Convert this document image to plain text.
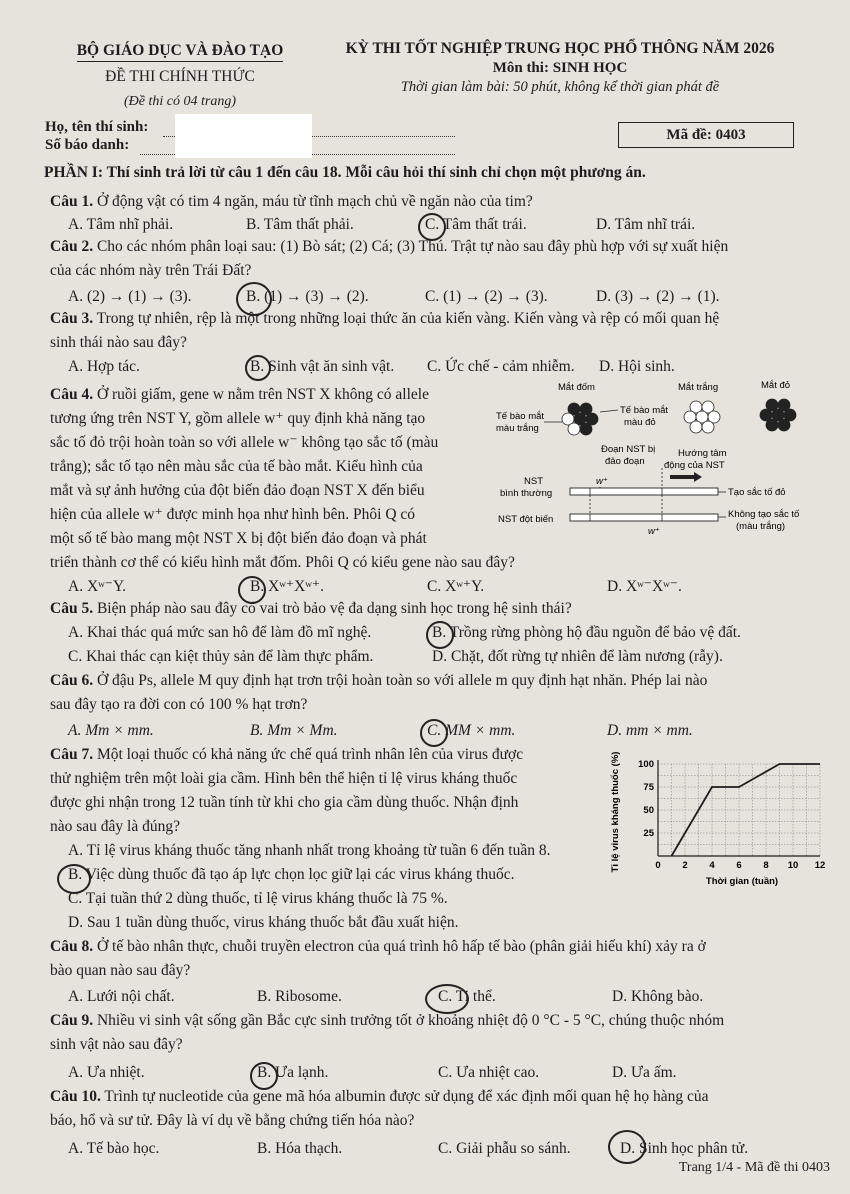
BỘ GIÁO DỤC VÀ ĐÀO TẠO
ĐỀ THI CHÍNH THỨC
(Đề thi có 04 trang)
KỲ THI TỐT NGHIỆP TRUNG HỌC PHỔ THÔNG NĂM 2026
Môn thi: SINH HỌC
Thời gian làm bài: 50 phút, không kể thời gian phát đề
Họ, tên thí sinh:
Số báo danh:
Mã đề: 0403
PHẦN I: Thí sinh trả lời từ câu 1 đến câu 18. Mỗi câu hỏi thí sinh chỉ chọn một phương án.
Câu 1. Ở động vật có tim 4 ngăn, máu từ tĩnh mạch chủ về ngăn nào của tim?
A. Tâm nhĩ phải.	B. Tâm thất phải.	C. Tâm thất trái.	D. Tâm nhĩ trái.
Câu 2. Cho các nhóm phân loại sau: (1) Bò sát; (2) Cá; (3) Thú. Trật tự nào sau đây phù hợp với sự xuất hiện
của các nhóm này trên Trái Đất?
A. (2) → (1) → (3).	B. (1) → (3) → (2).	C. (1) → (2) → (3).	D. (3) → (2) → (1).
Câu 3. Trong tự nhiên, rệp là một trong những loại thức ăn của kiến vàng. Kiến vàng và rệp có mối quan hệ
sinh thái nào sau đây?
A. Hợp tác.	B. Sinh vật ăn sinh vật. C. Ức chế - cảm nhiễm. D. Hội sinh.
Câu 4. Ở ruồi giấm, gene w nằm trên NST X không có allele
tương ứng trên NST Y, gồm allele w⁺ quy định khả năng tạo
sắc tố đỏ trội hoàn toàn so với allele w⁻ không tạo sắc tố (màu
trắng); sắc tố tạo nên màu sắc của tế bào mắt. Kiểu hình của
mắt và sự ảnh hưởng của đột biến đảo đoạn NST X đến biểu
hiện của allele w⁺ được minh họa như hình bên. Phôi Q có
một số tế bào mang một NST X bị đột biến đảo đoạn và phát
triển thành cơ thể có kiểu hình mắt đốm. Phôi Q có kiểu gene nào sau đây?
A. Xʷ⁻Y.	B. Xʷ⁺Xʷ⁺.	C. Xʷ⁺Y.	D. Xʷ⁻Xʷ⁻.
Mắt đốm	Mắt trắng	Mắt đỏ
Tế bào mắt
màu trắng
Tế bào mắt
màu đỏ
Đoạn NST bị
đảo đoạn
Hướng tâm
động của NST
NST
bình thường
w⁺
Tạo sắc tố đỏ
NST đột biến
w⁺
Không tạo sắc tố
(màu trắng)
Câu 5. Biện pháp nào sau đây có vai trò bảo vệ đa dạng sinh học trong hệ sinh thái?
A. Khai thác quá mức san hô để làm đồ mĩ nghệ.	B. Trồng rừng phòng hộ đầu nguồn để bảo vệ đất.
C. Khai thác cạn kiệt thủy sản để làm thực phẩm.	D. Chặt, đốt rừng tự nhiên để làm nương (rẫy).
Câu 6. Ở đậu Ps, allele M quy định hạt trơn trội hoàn toàn so với allele m quy định hạt nhăn. Phép lai nào
sau đây tạo ra đời con có 100 % hạt trơn?
A. Mm × mm.	B. Mm × Mm.	C. MM × mm.	D. mm × mm.
Câu 7. Một loại thuốc có khả năng ức chế quá trình nhân lên của virus được
thử nghiệm trên một loài gia cầm. Hình bên thể hiện tỉ lệ virus kháng thuốc
được ghi nhận trong 12 tuần tính từ khi cho gia cầm dùng thuốc. Nhận định
nào sau đây là đúng?
A. Tỉ lệ virus kháng thuốc tăng nhanh nhất trong khoảng từ tuần 6 đến tuần 8.
B. Việc dùng thuốc đã tạo áp lực chọn lọc giữ lại các virus kháng thuốc.
C. Tại tuần thứ 2 dùng thuốc, tỉ lệ virus kháng thuốc là 75 %.
D. Sau 1 tuần dùng thuốc, virus kháng thuốc bắt đầu xuất hiện.
0 2 4 6 8 10 12
25
50
75
100
Tỉ lệ virus kháng thuốc (%)
Thời gian (tuần)
Câu 8. Ở tế bào nhân thực, chuỗi truyền electron của quá trình hô hấp tế bào (phân giải hiếu khí) xảy ra ở
bào quan nào sau đây?
A. Lưới nội chất.	B. Ribosome.	C. Ti thể.	D. Không bào.
Câu 9. Nhiều vi sinh vật sống gần Bắc cực sinh trưởng tốt ở khoảng nhiệt độ 0 °C - 5 °C, chúng thuộc nhóm
sinh vật nào sau đây?
A. Ưa nhiệt.	B. Ưa lạnh.	C. Ưa nhiệt cao.	D. Ưa ấm.
Câu 10. Trình tự nucleotide của gene mã hóa albumin được sử dụng để xác định mối quan hệ họ hàng của
báo, hổ và sư tử. Đây là ví dụ về bằng chứng tiến hóa nào?
A. Tế bào học.	B. Hóa thạch.	C. Giải phẫu so sánh.	D. Sinh học phân tử.
Trang 1/4 - Mã đề thi 0403
